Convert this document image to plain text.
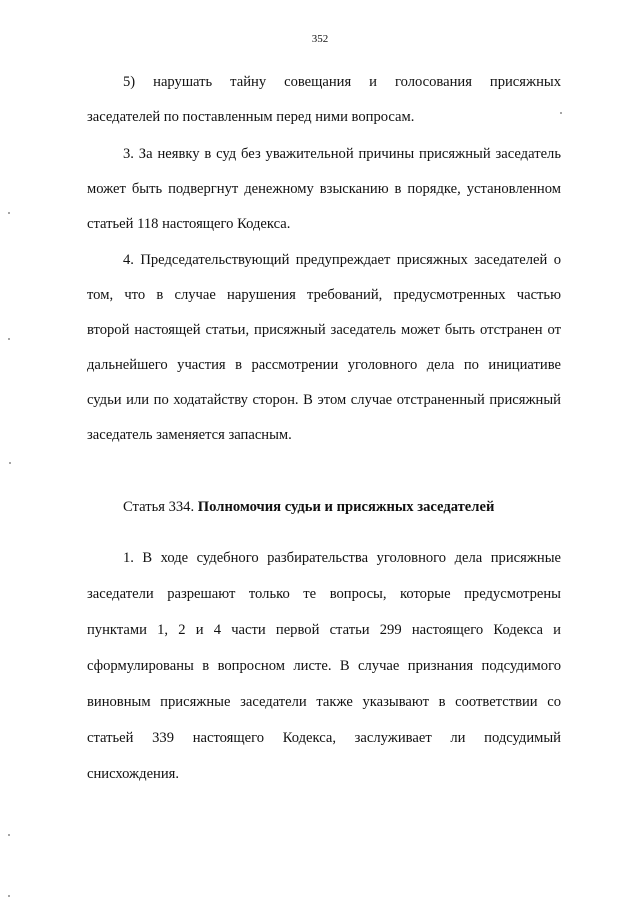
352
5) нарушать тайну совещания и голосования присяжных
заседателей по поставленным перед ними вопросам.
3. За неявку в суд без уважительной причины присяжный заседатель
может быть подвергнут денежному взысканию в порядке, установленном
статьей 118 настоящего Кодекса.
4. Председательствующий предупреждает присяжных заседателей о
том, что в случае нарушения требований, предусмотренных частью
второй настоящей статьи, присяжный заседатель может быть отстранен от
дальнейшего участия в рассмотрении уголовного дела по инициативе
судьи или по ходатайству сторон. В этом случае отстраненный присяжный
заседатель заменяется запасным.
Статья 334. Полномочия судьи и присяжных заседателей
1. В ходе судебного разбирательства уголовного дела присяжные
заседатели разрешают только те вопросы, которые предусмотрены
пунктами 1, 2 и 4 части первой статьи 299 настоящего Кодекса и
сформулированы в вопросном листе. В случае признания подсудимого
виновным присяжные заседатели также указывают в соответствии со
статьей 339 настоящего Кодекса, заслуживает ли подсудимый
снисхождения.
